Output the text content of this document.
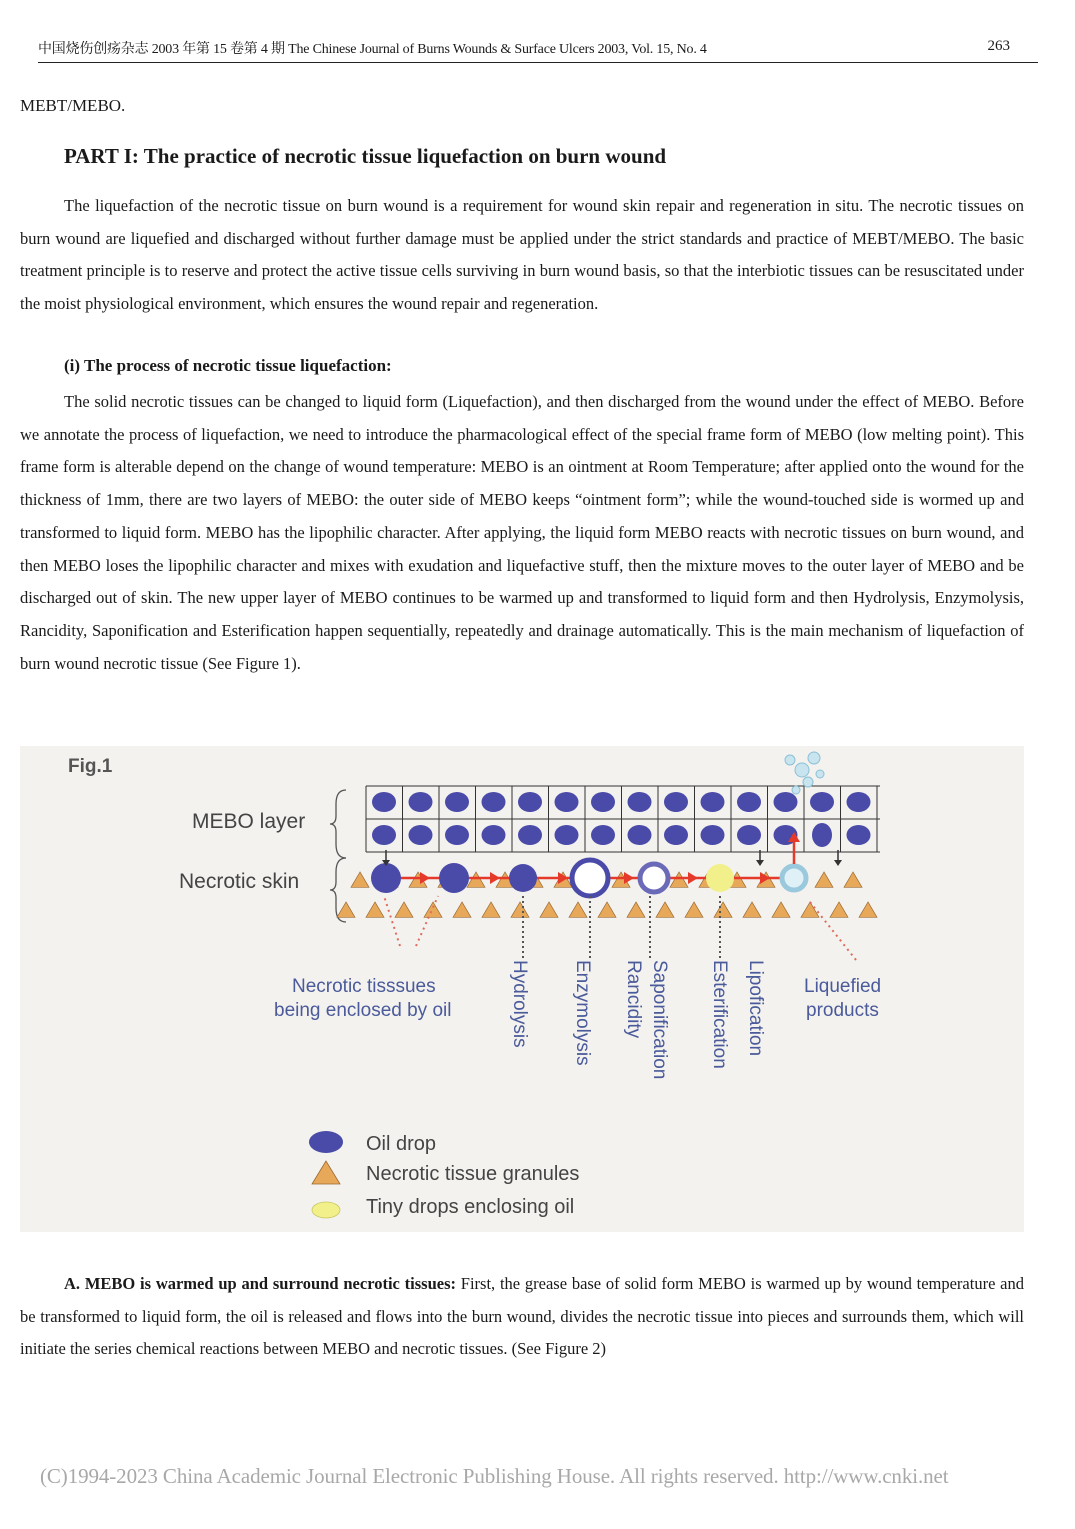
中国烧伤创疡杂志 2003 年第 15 卷第 4 期 The Chinese Journal of Burns Wounds & Surface Ulcers 2003, Vol. 15, No. 4	263
MEBT/MEBO.
PART I: The practice of necrotic tissue liquefaction on burn wound
The liquefaction of the necrotic tissue on burn wound is a requirement for wound skin repair and regeneration in situ. The necrotic tissues on burn wound are liquefied and discharged without further damage must be applied under the strict standards and practice of MEBT/MEBO. The basic treatment principle is to reserve and protect the active tissue cells surviving in burn wound basis, so that the interbiotic tissues can be resuscitated under the moist physiological environment, which ensures the wound repair and regeneration.
(i) The process of necrotic tissue liquefaction:
The solid necrotic tissues can be changed to liquid form (Liquefaction), and then discharged from the wound under the effect of MEBO. Before we annotate the process of liquefaction, we need to introduce the pharmacological effect of the special frame form of MEBO (low melting point). This frame form is alterable depend on the change of wound temperature: MEBO is an ointment at Room Temperature; after applied onto the wound for the thickness of 1mm, there are two layers of MEBO: the outer side of MEBO keeps “ointment form”; while the wound-touched side is wormed up and transformed to liquid form. MEBO has the lipophilic character. After applying, the liquid form MEBO reacts with necrotic tissues on burn wound, and then MEBO loses the lipophilic character and mixes with exudation and liquefactive stuff, then the mixture moves to the outer layer of MEBO and be discharged out of skin. The new upper layer of MEBO continues to be warmed up and transformed to liquid form and then Hydrolysis, Enzymolysis, Rancidity, Saponification and Esterification happen sequentially, repeatedly and drainage automatically. This is the main mechanism of liquefaction of burn wound necrotic tissue (See Figure 1).
Fig.1
MEBO layer
Necrotic skin
Necrotic tisssues
being enclosed by oil	Hydrolysis Enzymolysis	Saponification
Rancidity	Esterification Lipofication Liquefied
products
Oil drop
Necrotic tissue granules
Tiny drops enclosing oil
A. MEBO is warmed up and surround necrotic tissues: First, the grease base of solid form MEBO is warmed up by wound temperature and be transformed to liquid form, the oil is released and flows into the burn wound, divides the necrotic tissue into pieces and surrounds them, which will initiate the series chemical reactions between MEBO and necrotic tissues. (See Figure 2)
(C)1994-2023 China Academic Journal Electronic Publishing House. All rights reserved. http://www.cnki.net
